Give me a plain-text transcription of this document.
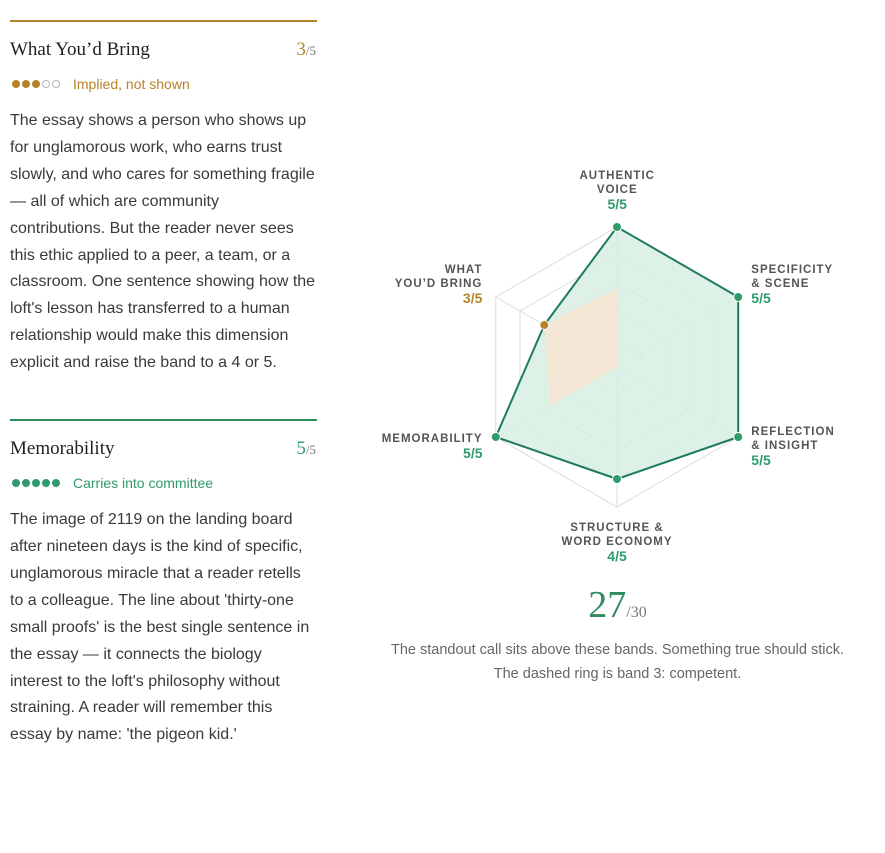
What You’d Bring	3/5
Implied, not shown
The essay shows a person who shows up for unglamorous work, who earns trust slowly, and who cares for something fragile — all of which are community contributions. But the reader never sees this ethic applied to a peer, a team, or a classroom. One sentence showing how the loft's lesson has transferred to a human relationship would make this dimension explicit and raise the band to a 4 or 5.
Memorability	5/5
Carries into committee
The image of 2119 on the landing board after nineteen days is the kind of specific, unglamorous miracle that a reader retells to a colleague. The line about 'thirty-one small proofs' is the best single sentence in the essay — it connects the biology interest to the loft's philosophy without straining. A reader will remember this essay by name: 'the pigeon kid.'
AUTHENTIC
VOICE
5/5
SPECIFICITY
& SCENE
5/5
REFLECTION
& INSIGHT
5/5
STRUCTURE &
WORD ECONOMY
4/5
MEMORABILITY
5/5
WHAT
YOU’D BRING
3/5
27/30
The standout call sits above these bands. Something true should stick. The dashed ring is band 3: competent.
